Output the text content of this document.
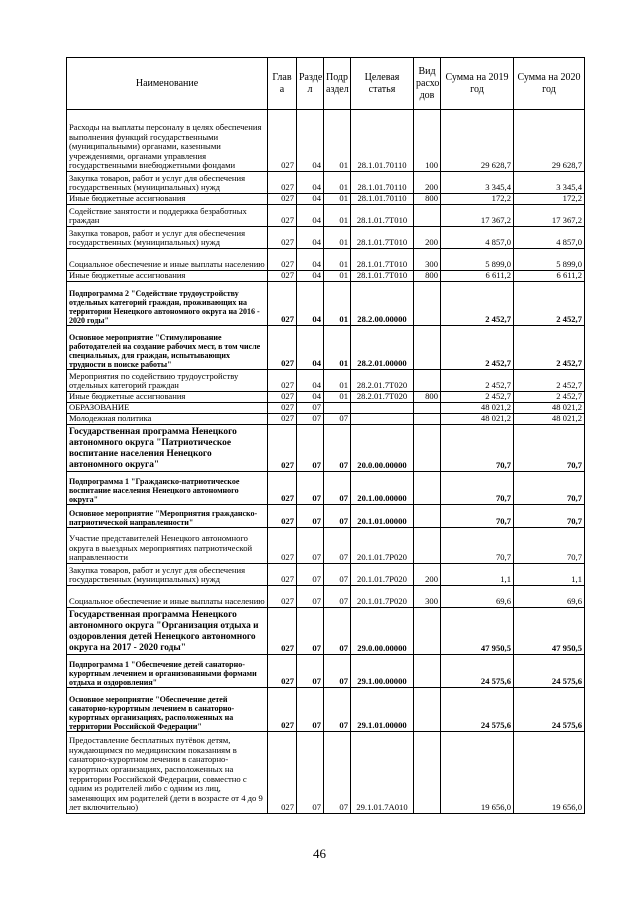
Наименование	Глав а	Разде л	Подр аздел	Целевая статья	Вид расхо дов	Сумма на 2019 год	Сумма на 2020 год
Расходы на выплаты персоналу в целях обеспечения выполнения функций государственными (муниципальными) органами, казенными учреждениями, органами управления государственными внебюджетными фондами	027	04	01	28.1.01.70110	100	29 628,7	29 628,7
Закупка товаров, работ и услуг для обеспечения государственных (муниципальных) нужд	027	04	01	28.1.01.70110	200	3 345,4	3 345,4
Иные бюджетные ассигнования	027	04	01	28.1.01.70110	800	172,2	172,2
Содействие занятости и поддержка безработных граждан	027	04	01	28.1.01.7Т010		17 367,2	17 367,2
Закупка товаров, работ и услуг для обеспечения государственных (муниципальных) нужд	027	04	01	28.1.01.7Т010	200	4 857,0	4 857,0
Социальное обеспечение и иные выплаты населению	027	04	01	28.1.01.7Т010	300	5 899,0	5 899,0
Иные бюджетные ассигнования	027	04	01	28.1.01.7Т010	800	6 611,2	6 611,2
Подпрограмма 2 "Содействие трудоустройству отдельных категорий граждан, проживающих на территории Ненецкого автономного округа на 2016 - 2020 годы"	027	04	01	28.2.00.00000		2 452,7	2 452,7
Основное мероприятие "Стимулирование работодателей на создание рабочих мест, в том числе специальных, для граждан, испытывающих трудности в поиске работы"	027	04	01	28.2.01.00000		2 452,7	2 452,7
Мероприятия по содействию трудоустройству отдельных категорий граждан	027	04	01	28.2.01.7Т020		2 452,7	2 452,7
Иные бюджетные ассигнования	027	04	01	28.2.01.7Т020	800	2 452,7	2 452,7
ОБРАЗОВАНИЕ	027	07				48 021,2	48 021,2
Молодежная политика	027	07	07			48 021,2	48 021,2
Государственная программа Ненецкого автономного округа "Патриотическое воспитание населения Ненецкого автономного округа"	027	07	07	20.0.00.00000		70,7	70,7
Подпрограмма 1 "Гражданско-патриотическое воспитание населения Ненецкого автономного округа"	027	07	07	20.1.00.00000		70,7	70,7
Основное мероприятие "Мероприятия гражданско-патриотической направленности"	027	07	07	20.1.01.00000		70,7	70,7
Участие представителей Ненецкого автономного округа в выездных мероприятиях патриотической направленности	027	07	07	20.1.01.7Р020		70,7	70,7
Закупка товаров, работ и услуг для обеспечения государственных (муниципальных) нужд	027	07	07	20.1.01.7Р020	200	1,1	1,1
Социальное обеспечение и иные выплаты населению	027	07	07	20.1.01.7Р020	300	69,6	69,6
Государственная программа Ненецкого автономного округа "Организация отдыха и оздоровления детей Ненецкого автономного округа на 2017 - 2020 годы"	027	07	07	29.0.00.00000		47 950,5	47 950,5
Подпрограмма 1 "Обеспечение детей санаторно-курортным лечением и организованными формами отдыха и оздоровления"	027	07	07	29.1.00.00000		24 575,6	24 575,6
Основное мероприятие "Обеспечение детей санаторно-курортным лечением в санаторно-курортных организациях, расположенных на территории Российской Федерации"	027	07	07	29.1.01.00000		24 575,6	24 575,6
Предоставление бесплатных путёвок детям, нуждающимся по медицинским показаниям в санаторно-курортном лечении в санаторно-курортных организациях, расположенных на территории Российской Федерации, совместно с одним из родителей либо с одним из лиц, заменяющих им родителей (дети в возрасте от 4 до 9 лет включительно)	027	07	07	29.1.01.7А010		19 656,0	19 656,0
46
